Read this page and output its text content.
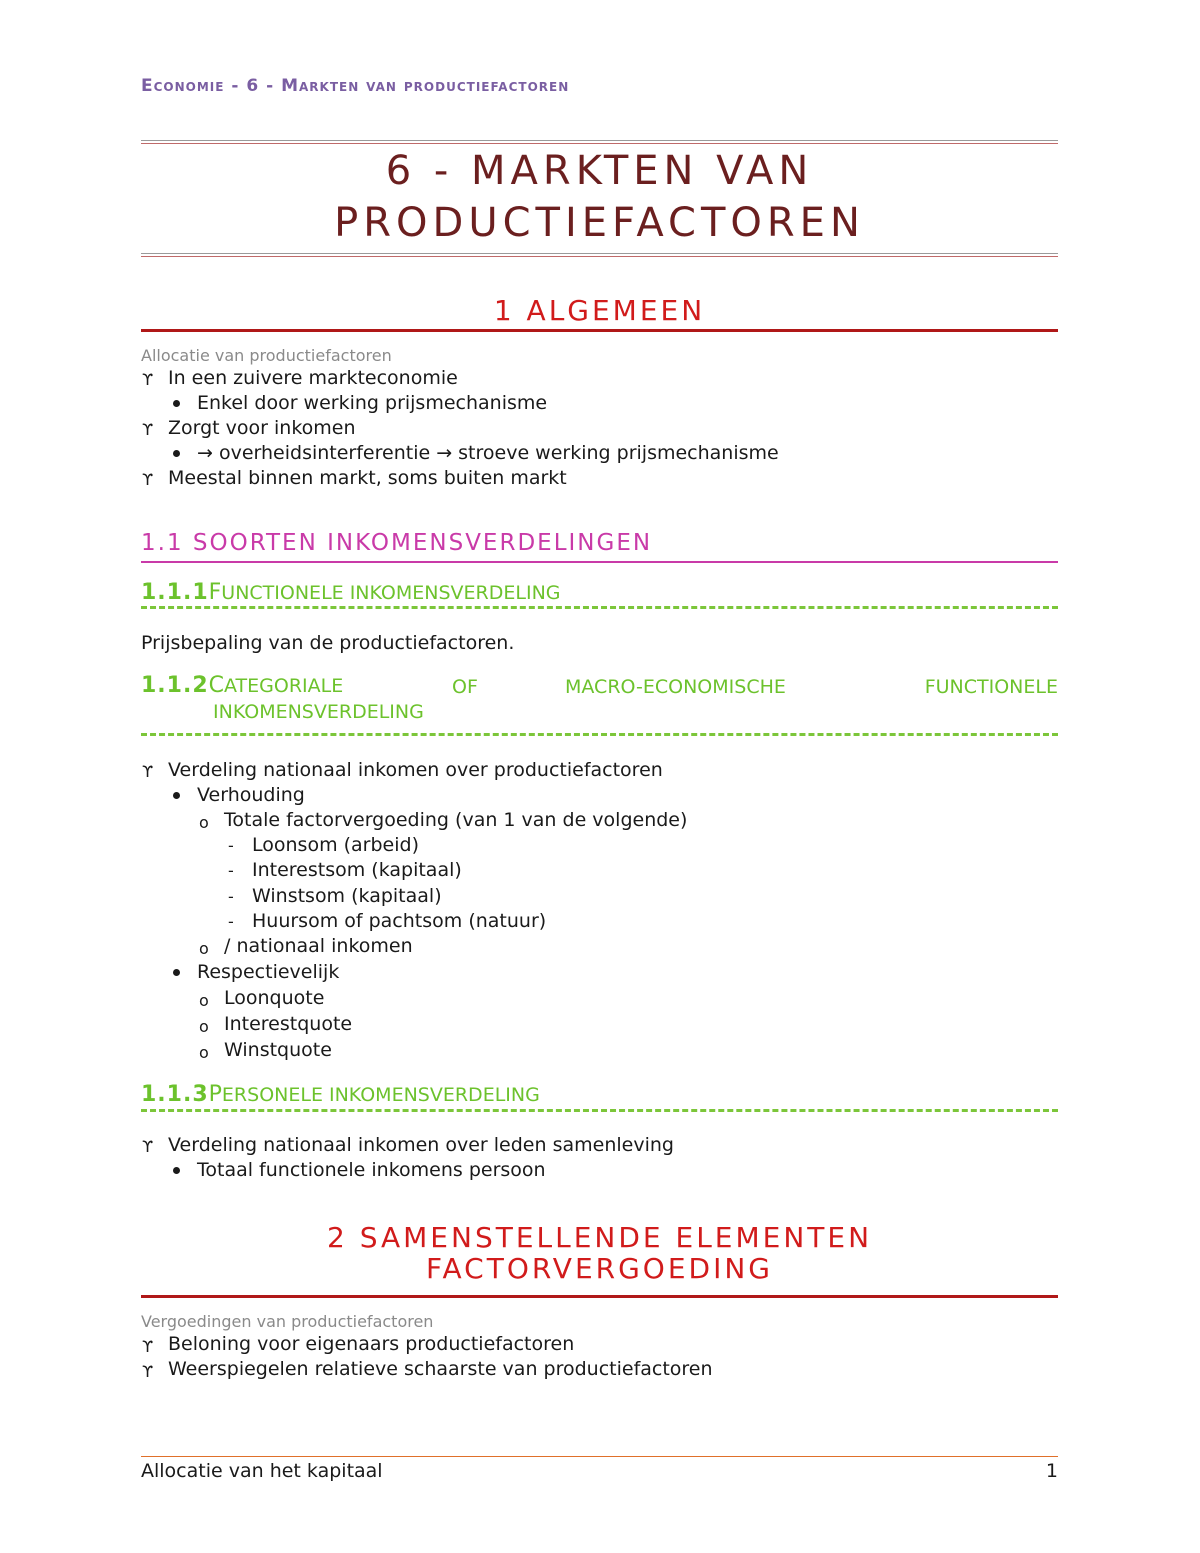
Economie - 6 - Markten van productiefactoren
6 - MARKTEN VAN
PRODUCTIEFACTOREN
1 ALGEMEEN
Allocatie van productiefactoren
ϒ In een zuivere markteconomie
Enkel door werking prijsmechanisme
ϒ Zorgt voor inkomen
→ overheidsinterferentie → stroeve werking prijsmechanisme
ϒ Meestal binnen markt, soms buiten markt
1.1 SOORTEN INKOMENSVERDELINGEN
1.1.1FUNCTIONELE INKOMENSVERDELING
Prijsbepaling van de productiefactoren.
1.1.2CATEGORIALE	OF	MACRO-ECONOMISCHE	FUNCTIONELE
INKOMENSVERDELING
ϒ Verdeling nationaal inkomen over productiefactoren
Verhouding
o Totale factorvergoeding (van 1 van de volgende)
- Loonsom (arbeid)
- Interestsom (kapitaal)
- Winstsom (kapitaal)
- Huursom of pachtsom (natuur)
o / nationaal inkomen
Respectievelijk
o Loonquote
o Interestquote
o Winstquote
1.1.3PERSONELE INKOMENSVERDELING
ϒ Verdeling nationaal inkomen over leden samenleving
Totaal functionele inkomens persoon
2 SAMENSTELLENDE ELEMENTEN
FACTORVERGOEDING
Vergoedingen van productiefactoren
ϒ Beloning voor eigenaars productiefactoren
ϒ Weerspiegelen relatieve schaarste van productiefactoren
Allocatie van het kapitaal	1
